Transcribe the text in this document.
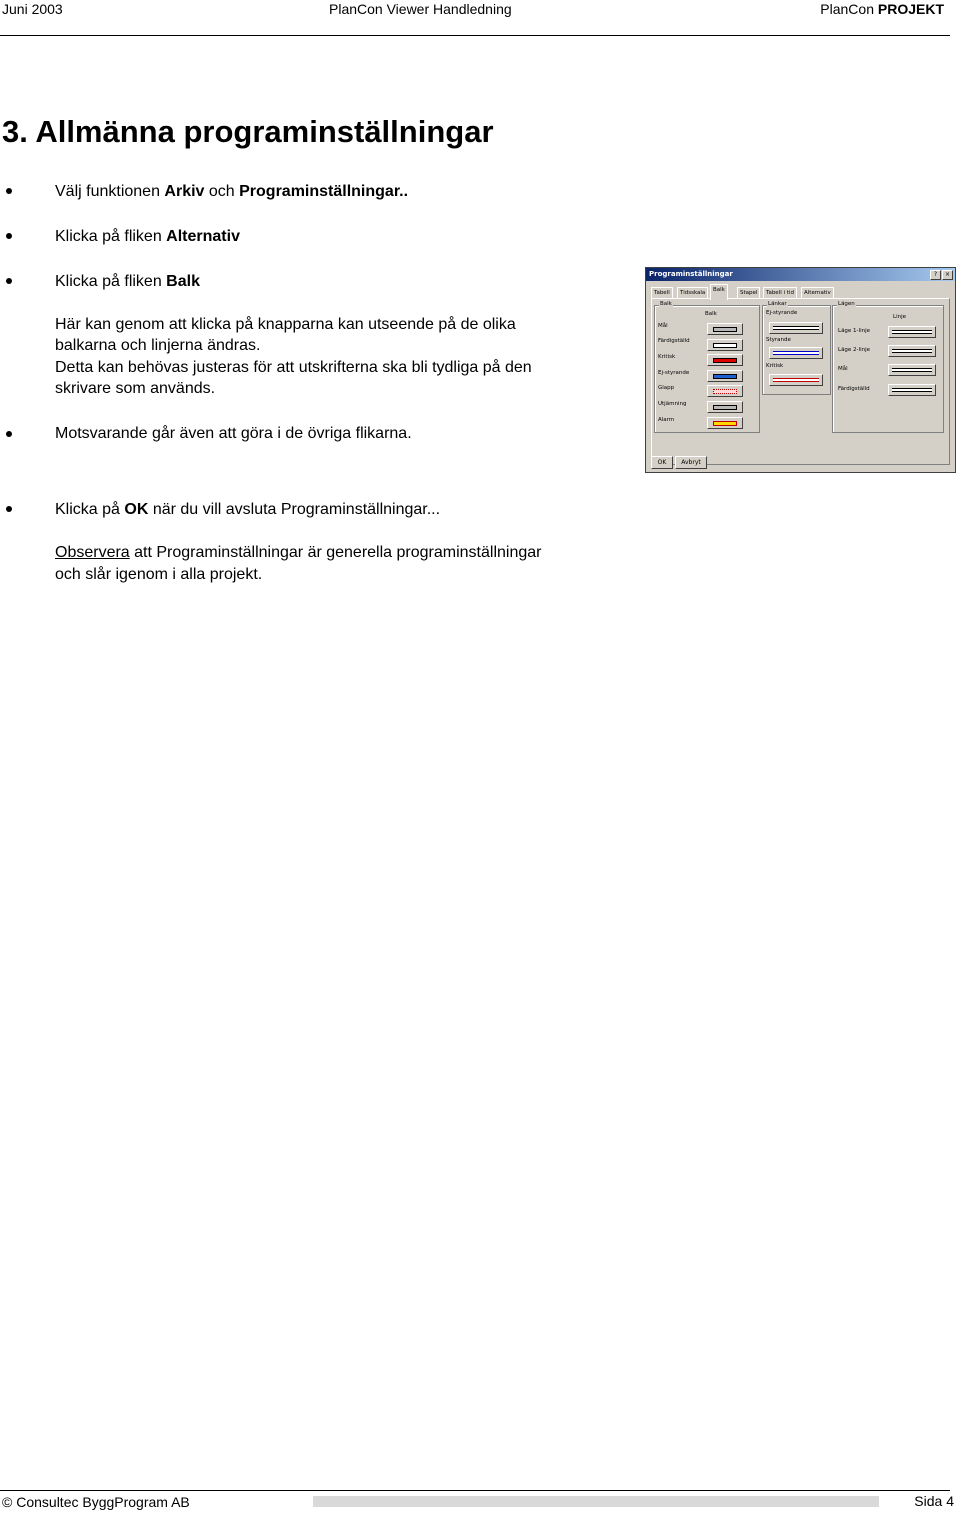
Juni 2003	PlanCon Viewer Handledning	PlanCon PROJEKT
3. Allmänna programinställningar
Välj funktionen Arkiv och Programinställningar..
Klicka på fliken Alternativ
Klicka på fliken Balk
Här kan genom att klicka på knapparna kan utseende på de olika
balkarna och linjerna ändras.
Detta kan behövas justeras för att utskrifterna ska bli tydliga på den
skrivare som används.
Motsvarande går även att göra i de övriga flikarna.
Klicka på OK när du vill avsluta Programinställningar...
Observera att Programinställningar är generella programinställningar
och slår igenom i alla projekt.
Programinställningar	?	×
Tabell	Tidsskala	Balk	Stapel	Tabell i tid	Alternativ
Balk
Balk
Mål
Färdigställd
Kritisk
Ej-styrande
Glapp
Utjämning
Alarm
Länkar
Ej-styrande
Styrande
Kritisk
Lägen
Linje
Läge 1-linje
Läge 2-linje
Mål
Färdigställd
OK	Avbryt
© Consultec ByggProgram AB	Sida 4
